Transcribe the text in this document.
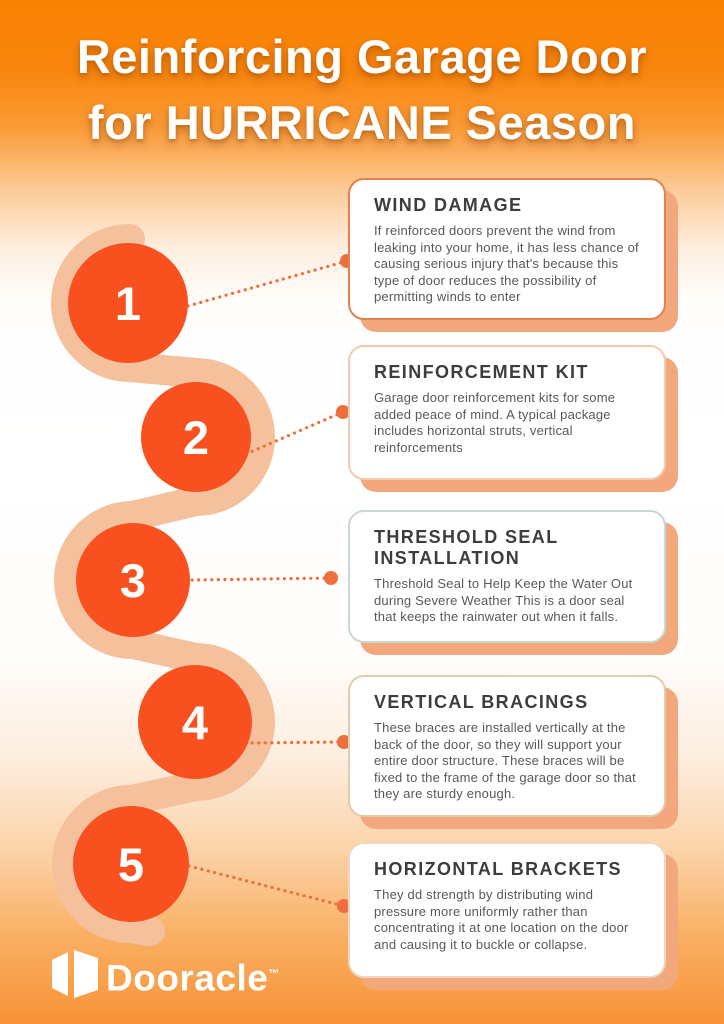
Reinforcing Garage Door
for HURRICANE Season
1
2
3
4
5
WIND DAMAGE

If reinforced doors prevent the wind from leaking into your home, it has less chance of causing serious injury that's because this type of door reduces the possibility of permitting winds to enter

REINFORCEMENT KIT

Garage door reinforcement kits for some added peace of mind. A typical package includes horizontal struts, vertical reinforcements

THRESHOLD SEAL INSTALLATION

Threshold Seal to Help Keep the Water Out during Severe Weather This is a door seal that keeps the rainwater out when it falls.

VERTICAL BRACINGS

These braces are installed vertically at the back of the door, so they will support your entire door structure. These braces will be fixed to the frame of the garage door so that they are sturdy enough.

HORIZONTAL BRACKETS

They dd strength by distributing wind pressure more uniformly rather than concentrating it at one location on the door and causing it to buckle or collapse.

Dooracle™
